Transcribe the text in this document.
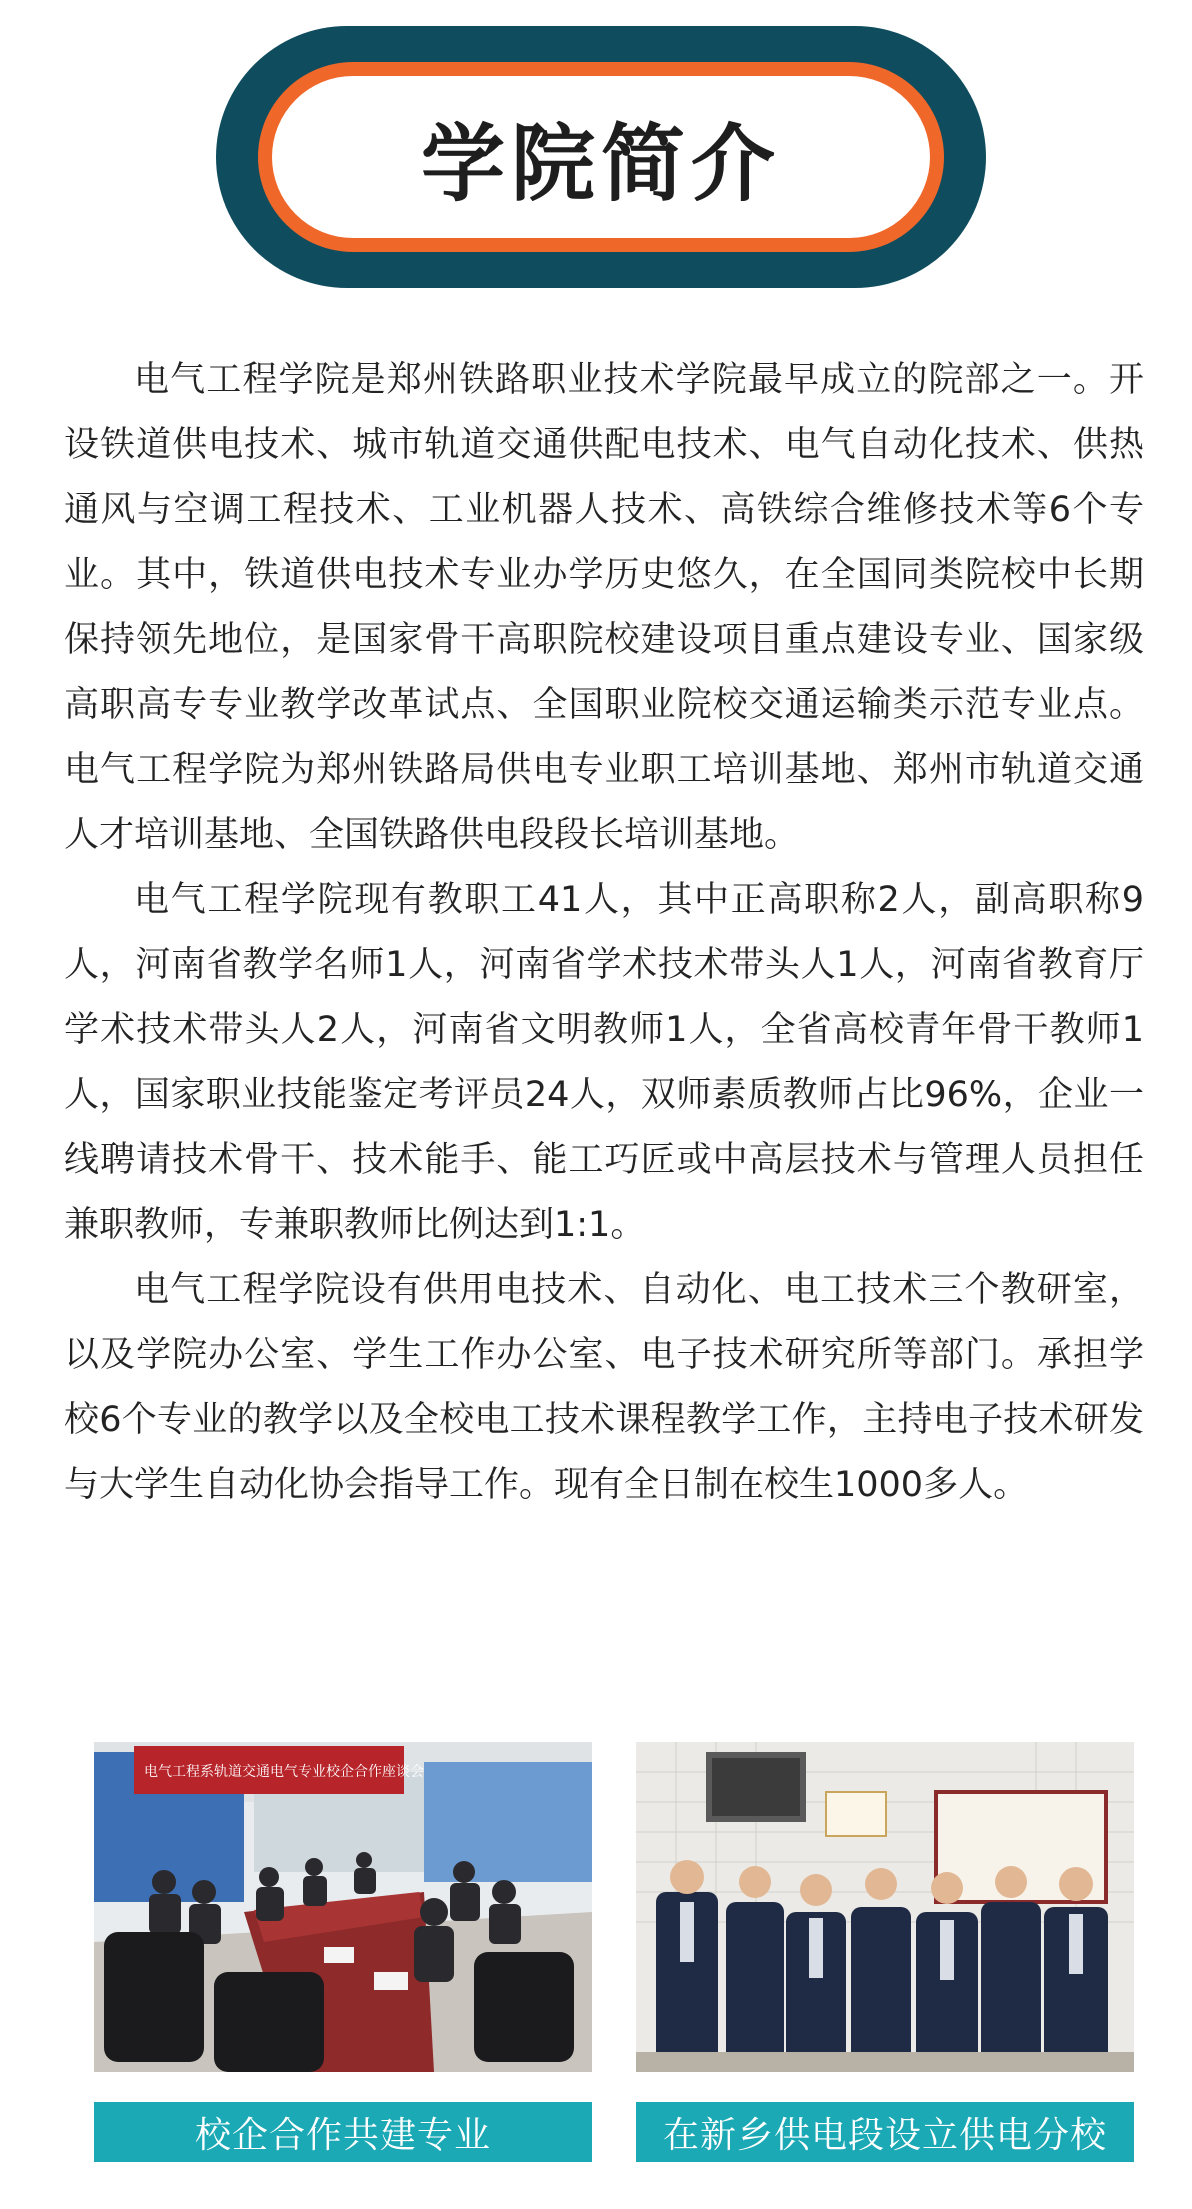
学院简介

电气工程学院是郑州铁路职业技术学院最早成立的院部之一。开设铁道供电技术、城市轨道交通供配电技术、电气自动化技术、供热通风与空调工程技术、工业机器人技术、高铁综合维修技术等6个专业。其中，铁道供电技术专业办学历史悠久，在全国同类院校中长期保持领先地位，是国家骨干高职院校建设项目重点建设专业、国家级高职高专专业教学改革试点、全国职业院校交通运输类示范专业点。电气工程学院为郑州铁路局供电专业职工培训基地、郑州市轨道交通人才培训基地、全国铁路供电段段长培训基地。

电气工程学院现有教职工41人，其中正高职称2人，副高职称9人，河南省教学名师1人，河南省学术技术带头人1人，河南省教育厅学术技术带头人2人，河南省文明教师1人，全省高校青年骨干教师1人，国家职业技能鉴定考评员24人，双师素质教师占比96%，企业一线聘请技术骨干、技术能手、能工巧匠或中高层技术与管理人员担任兼职教师，专兼职教师比例达到1:1。

电气工程学院设有供用电技术、自动化、电工技术三个教研室，以及学院办公室、学生工作办公室、电子技术研究所等部门。承担学校6个专业的教学以及全校电工技术课程教学工作，主持电子技术研发与大学生自动化协会指导工作。现有全日制在校生1000多人。

电气工程系轨道交通电气专业校企合作座谈会
校企合作共建专业	在新乡供电段设立供电分校
